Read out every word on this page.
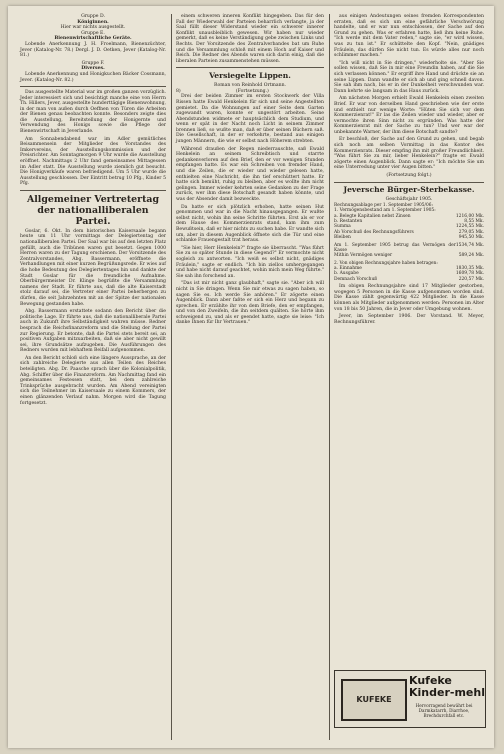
Gruppe D.
Königinnen.
Hier war nichts ausgestellt.
Gruppe E.
Bienenwirtschaftliche Geräte.

Lobende Anerkennung J. H. Froelmann, Bienenzüchter, Jever (Katalog-Nr. 78.) Dergl. J. D. Oetken, Jever (Katalog-Nr. 81.)

Gruppe F.
Diverses.

Lobende Anerkennung und Honigkuchen Bäcker Cossmann, Jever. (Katalog-Nr. 82.)

Das ausgestellte Material war im großen ganzen vorzüglich. Jeder interessiert sich und besichtigt manche eine von Herrn Th. Hillers, Jever, ausgestellte hunderttägige Bienenwohnung, in der man von außen durch Oeffnen von Türen die Arbeiten der Bienen genau beobachten konnte. Besonders zeigte dies die Ausstellung, Bereitstellung der Honigernte und Verwendung des Honigs sowie die Pflege der Bienenwirtschaft in Jeverlande.

Am Sonnabendabend war im Adler gemütliches Beisammensein der Mitglieder des Vorstandes des Imkervereins, der Ausstellungskommission und der Preisrichter. Am Sonntagmorgen 9 Uhr wurde die Ausstellung eröffnet. Nachmittags 2 Uhr fand gemeinsames Mittagessen im Adler statt. Die Ausstellung wurde ziemlich gut besucht. Die Honigverkäufe waren befriedigend. Um 5 Uhr wurde die Ausstellung geschlossen. Der Eintritt betrug 10 Pfg., Kinder 5 Pfg.

Allgemeiner Vertretertag der nationalliberalen Partei.

Goslar, 6. Okt. In dem historischen Kaisersaale begann heute um 11 Uhr vormittags der Delegiertentag der nationalliberalen Partei. Der Saal war bis auf den letzten Platz gefüllt, auch die Tribünen waren gut besetzt. Gegen 1000 Herren waren zu der Tagung erschienen. Der Vorsitzende des Zentralvorstandes, Abg. Bassermann, eröffnete die Verhandlungen mit einer kurzen Begrüßungsrede. Er wies auf die hohe Bedeutung des Delegiertentages hin und dankte der Stadt Goslar für die freundliche Aufnahme. Oberbürgermeister Dr. Klinge begrüßte die Versammlung namens der Stadt. Er führte aus, daß die alte Kaiserstadt stolz darauf sei, die Vertreter einer Partei beherbergen zu dürfen, die seit Jahrzehnten mit an der Spitze der nationalen Bewegung gestanden habe.

Abg. Bassermann erstattete sodann den Bericht über die politische Lage. Er führte aus, daß die nationalliberale Partei auch in Zukunft ihre Selbständigkeit wahren müsse. Redner besprach die Reichsfinanzreform und die Stellung der Partei zur Regierung. Er betonte, daß die Partei stets bereit sei, an positiven Aufgaben mitzuarbeiten, daß sie aber nicht gewillt sei, ihre Grundsätze aufzugeben. Die Ausführungen des Redners wurden mit lebhaftem Beifall aufgenommen.

An den Bericht schloß sich eine längere Aussprache, an der sich zahlreiche Delegierte aus allen Teilen des Reiches beteiligten. Abg. Dr. Paasche sprach über die Kolonialpolitik, Abg. Schiffer über die Finanzreform. Am Nachmittag fand ein gemeinsames Festessen statt, bei dem zahlreiche Trinksprüche ausgebracht wurden. Am Abend vereinigten sich die Teilnehmer im Kaisersaale zu einem Kommers, der einen glänzenden Verlauf nahm. Morgen wird die Tagung fortgesetzt.

einem schweren inneren Konflikt hingegeben. Das für den Fall der Wiederwahl der Parteien beharrlich verlangte, ja der Saal füllt dieser Widerstand wieder ein schwerer innerer Konflikt unausbleiblich gewesen. Wir haben nur wieder gemerkt, daß es keine Verständigung gebe zwischen Links und Rechts. Der Vorsitzende des Zentralverbandes bat um Ruhe und die Versammlung schloß mit einem Hoch auf Kaiser und Reich. Die Redner des Abends waren sich darin einig, daß die liberalen Parteien zusammenstehen müssen.

Versiegelte Lippen.
Roman von Reinhold Ortmann.
8)	(Fortsetzung.)

Drei der beiden Zimmer im ersten Stockwerk der Villa Rissen hatte Ewald Henkelein für sich und seine Angestellten gemietet. Da die Wohnungen auf einer Seite dem Garten zugewandt waren, konnte er ungestört arbeiten. Seine Abendstunden widmete er hauptsächlich dem Studium, und wenn er spät in der Nacht noch Licht in seinem Zimmer brennen ließ, so wußte man, daß er über seinen Büchern saß. Die Gesellschaft, in der er verkehrte, bestand aus einigen jungen Männern, die wie er selbst nach Höherem strebten.

Während draußen der Regen niederrauschte, saß Ewald Henkelein an seinem Schreibtisch und starrte gedankenverloren auf den Brief, den er vor wenigen Stunden empfangen hatte. Es war ein Schreiben von fremder Hand, und die Zeilen, die er wieder und wieder gelesen hatte, enthielten eine Nachricht, die ihn tief erschüttert hatte. Er hatte sich bemüht, ruhig zu bleiben, aber es wollte ihm nicht gelingen. Immer wieder kehrten seine Gedanken zu der Frage zurück, wer ihm diese Botschaft gesandt haben könnte, und was der Absender damit bezweckte.

Da hatte er sich plötzlich erhoben, hatte seinen Hut genommen und war in die Nacht hinausgegangen. Er wußte selbst nicht, wohin ihn seine Schritte führten. Erst als er vor dem Hause des Kommerzienrats stand, kam ihm zum Bewußtsein, daß er hier nichts zu suchen habe. Er wandte sich um, aber in diesem Augenblick öffnete sich die Tür und eine schlanke Frauengestalt trat heraus.

"Sie hier, Herr Henkelein?" fragte sie überrascht. "Was führt Sie zu so später Stunde in diese Gegend?" Er vermochte nicht sogleich zu antworten. "Ich weiß es selbst nicht, gnädiges Fräulein," sagte er endlich. "Ich bin ziellos umhergegangen und habe nicht darauf geachtet, wohin mich mein Weg führte." Sie sah ihn forschend an.

"Das ist mir nicht ganz glaubhaft," sagte sie. "Aber ich will nicht in Sie dringen. Wenn Sie mir etwas zu sagen haben, so sagen Sie es. Ich werde Sie anhören." Er zögerte einen Augenblick. Dann aber faßte er sich ein Herz und begann zu sprechen. Er erzählte ihr von dem Briefe, den er empfangen, und von den Zweifeln, die ihn seitdem quälten. Sie hörte ihm schweigend zu, und als er geendet hatte, sagte sie leise: "Ich danke Ihnen für Ihr Vertrauen."

aus einigen Andeutungen seines fremden Korrespondenten erraten, daß es sich um eine gefährliche Verschwörung handelte, und er war nun entschlossen, der Sache auf den Grund zu gehen. Was er erfahren hatte, ließ ihm keine Ruhe. "Ich werde mit dem Vater reden," sagte sie, "er wird wissen, was zu tun ist." Er schüttelte den Kopf. "Nein, gnädiges Fräulein, das dürfen Sie nicht tun. Es würde alles nur noch schlimmer machen."

"Ich will nicht in Sie dringen," wiederholte sie. "Aber Sie sollen wissen, daß Sie in mir eine Freundin haben, auf die Sie sich verlassen können." Er ergriff ihre Hand und drückte sie an seine Lippen. Dann wandte er sich ab und ging schnell davon. Sie sah ihm nach, bis er in der Dunkelheit verschwunden war. Dann kehrte sie langsam in das Haus zurück.

Am nächsten Morgen erhielt Ewald Henkelein einen zweiten Brief. Er war von derselben Hand geschrieben wie der erste und enthielt nur wenige Worte: "Hüten Sie sich vor dem Kommerzienrat!" Er las die Zeilen wieder und wieder, aber er vermochte ihren Sinn nicht zu ergründen. Was hatte der Kommerzienrat mit der Sache zu tun? Und wer war der unbekannte Warner, der ihm diese Botschaft sandte?

Er beschloß, der Sache auf den Grund zu gehen, und begab sich noch am selben Vormittag in das Kontor des Kommerzienrats. Dieser empfing ihn mit großer Freundlichkeit. "Was führt Sie zu mir, lieber Henkelein?" fragte er. Ewald zögerte einen Augenblick. Dann sagte er: "Ich möchte Sie um eine Unterredung unter vier Augen bitten."

(Fortsetzung folgt.)
Jeversche Bürger-Sterbekasse.
Geschäftsjahr 1905.
Rechnungsablage per 1. September 1905/06:
1. Vermögensbestand am 1. September 1905:	
a. Belegte Kapitalien nebst Zinsen	1216,00 Mk.
b. Restanten	8,55 Mk.
Summa	1224,55 Mk.
Ab Vorschuß des Rechnungsführers	279,05 Mk.
Bleiben	945,50 Mk.
Am 1. September 1905 betrug das Vermögen der Kasse	1534,74 Mk.
Mithin Vermögen weniger	589,24 Mk.
2. Von obigen Rechnungsjahre haben betragen:
a. Einnahme	1830,35 Mk.
b. Ausgabe	1609,78 Mk.
Demnach Vorschuß	220,57 Mk.

Im obigen Rechnungsjahre sind 17 Mitglieder gestorben, wogegen 5 Personen in die Kasse aufgenommen worden sind. Die Kasse zählt gegenwärtig 422 Mitglieder. In die Kasse können als Mitglieder aufgenommen werden: Personen im Alter von 18 bis 50 Jahren, die in Jever oder Umgebung wohnen.

Jever, im September 1906. Der Vorstand. W. Meyer, Rechnungsführer.

KUFEKE
Kufeke Kinder-mehl
Hervorragend bewährt bei Darmkatarrh, Diarrhoe, Brechdurchfall etc.
